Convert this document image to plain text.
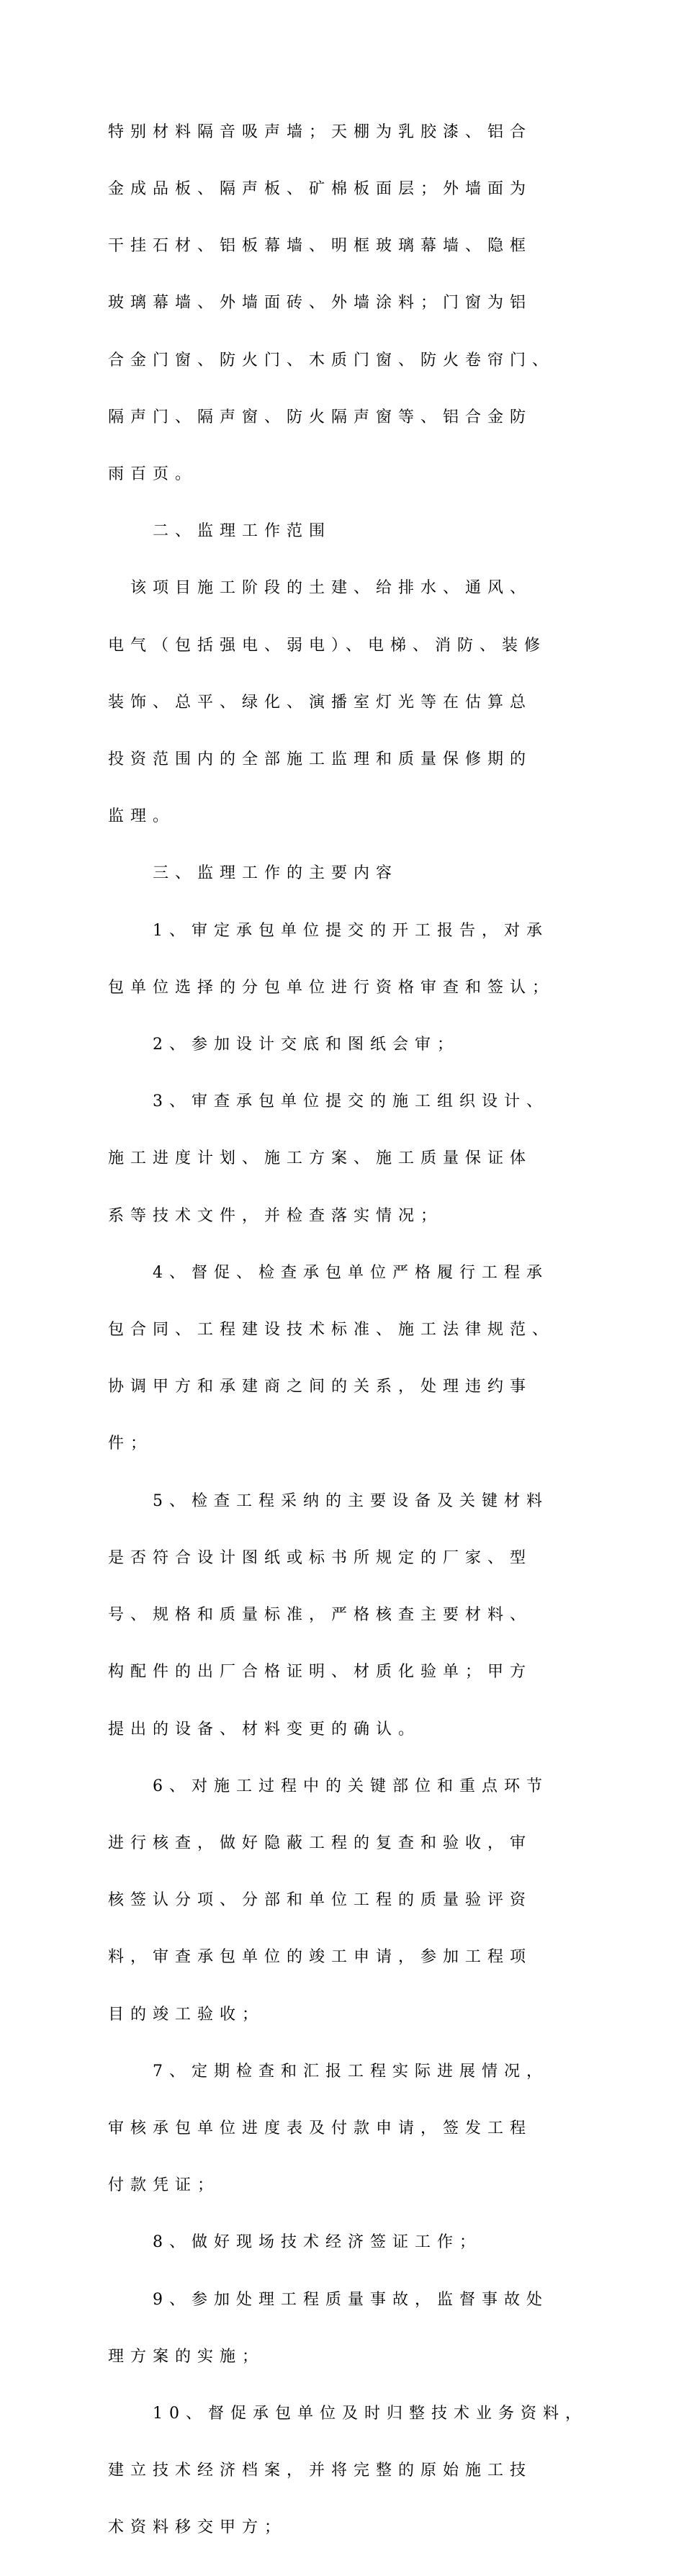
特别材料隔音吸声墙；天棚为乳胶漆、铝合

金成品板、隔声板、矿棉板面层；外墙面为

干挂石材、铝板幕墙、明框玻璃幕墙、隐框

玻璃幕墙、外墙面砖、外墙涂料；门窗为铝

合金门窗、防火门、木质门窗、防火卷帘门、

隔声门、隔声窗、防火隔声窗等、铝合金防

雨百页。

　　二、监理工作范围

　该项目施工阶段的土建、给排水、通风、

电气（包括强电、弱电）、电梯、消防、装修

装饰、总平、绿化、演播室灯光等在估算总

投资范围内的全部施工监理和质量保修期的

监理。

　　三、监理工作的主要内容

　　1、审定承包单位提交的开工报告，对承

包单位选择的分包单位进行资格审查和签认；

　　2、参加设计交底和图纸会审；

　　3、审查承包单位提交的施工组织设计、

施工进度计划、施工方案、施工质量保证体

系等技术文件，并检查落实情况；

　　4、督促、检查承包单位严格履行工程承

包合同、工程建设技术标准、施工法律规范、

协调甲方和承建商之间的关系，处理违约事

件；

　　5、检查工程采纳的主要设备及关键材料

是否符合设计图纸或标书所规定的厂家、型

号、规格和质量标准，严格核查主要材料、

构配件的出厂合格证明、材质化验单；甲方

提出的设备、材料变更的确认。

　　6、对施工过程中的关键部位和重点环节

进行核查，做好隐蔽工程的复查和验收，审

核签认分项、分部和单位工程的质量验评资

料，审查承包单位的竣工申请，参加工程项

目的竣工验收；

　　7、定期检查和汇报工程实际进展情况，

审核承包单位进度表及付款申请，签发工程

付款凭证；

　　8、做好现场技术经济签证工作；

　　9、参加处理工程质量事故，监督事故处

理方案的实施；

　　10、督促承包单位及时归整技术业务资料，

建立技术经济档案，并将完整的原始施工技

术资料移交甲方；
